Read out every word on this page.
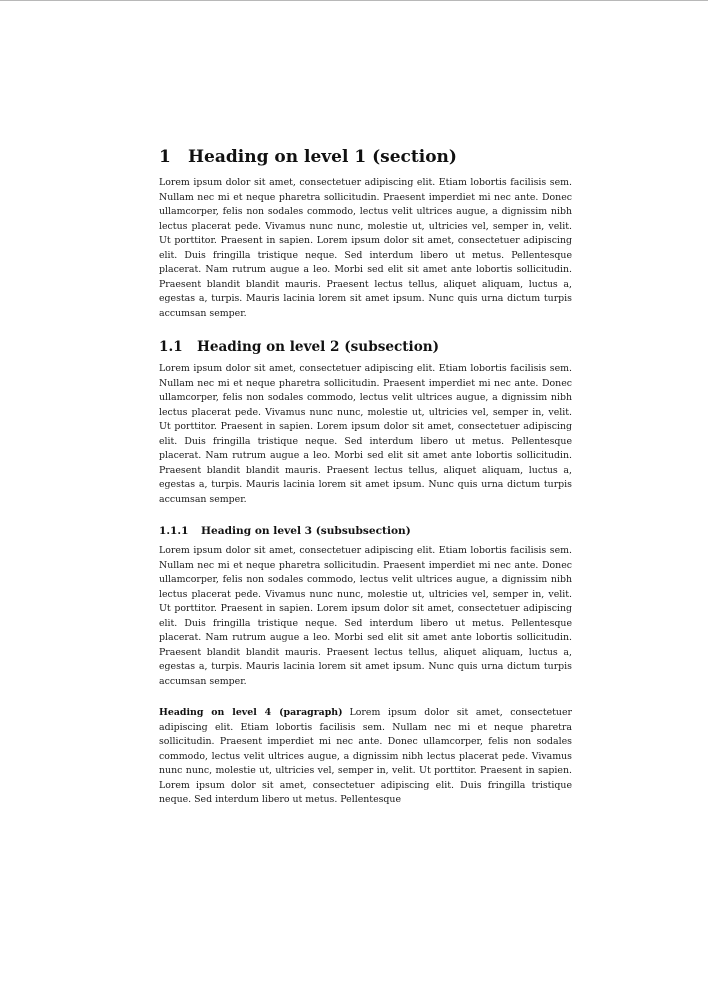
1 Heading on level 1 (section)

Lorem ipsum dolor sit amet, consectetuer adipiscing elit. Etiam lobortis facilisis sem. Nullam nec mi et neque pharetra sollicitudin. Praesent imperdiet mi nec ante. Donec ullamcorper, felis non sodales commodo, lectus velit ultrices augue, a dignissim nibh lectus placerat pede. Vivamus nunc nunc, molestie ut, ultricies vel, semper in, velit. Ut porttitor. Praesent in sapien. Lorem ipsum dolor sit amet, consectetuer adipiscing elit. Duis fringilla tristique neque. Sed interdum libero ut metus. Pellentesque placerat. Nam rutrum augue a leo. Morbi sed elit sit amet ante lobortis sollicitudin. Praesent blandit blandit mauris. Praesent lectus tellus, aliquet aliquam, luctus a, egestas a, turpis. Mauris lacinia lorem sit amet ipsum. Nunc quis urna dictum turpis accumsan semper.

1.1 Heading on level 2 (subsection)

Lorem ipsum dolor sit amet, consectetuer adipiscing elit. Etiam lobortis facilisis sem. Nullam nec mi et neque pharetra sollicitudin. Praesent imperdiet mi nec ante. Donec ullamcorper, felis non sodales commodo, lectus velit ultrices augue, a dignissim nibh lectus placerat pede. Vivamus nunc nunc, molestie ut, ultricies vel, semper in, velit. Ut porttitor. Praesent in sapien. Lorem ipsum dolor sit amet, consectetuer adipiscing elit. Duis fringilla tristique neque. Sed interdum libero ut metus. Pellentesque placerat. Nam rutrum augue a leo. Morbi sed elit sit amet ante lobortis sollicitudin. Praesent blandit blandit mauris. Praesent lectus tellus, aliquet aliquam, luctus a, egestas a, turpis. Mauris lacinia lorem sit amet ipsum. Nunc quis urna dictum turpis accumsan semper.

1.1.1 Heading on level 3 (subsubsection)

Lorem ipsum dolor sit amet, consectetuer adipiscing elit. Etiam lobortis facilisis sem. Nullam nec mi et neque pharetra sollicitudin. Praesent imperdiet mi nec ante. Donec ullamcorper, felis non sodales commodo, lectus velit ultrices augue, a dignissim nibh lectus placerat pede. Vivamus nunc nunc, molestie ut, ultricies vel, semper in, velit. Ut porttitor. Praesent in sapien. Lorem ipsum dolor sit amet, consectetuer adipiscing elit. Duis fringilla tristique neque. Sed interdum libero ut metus. Pellentesque placerat. Nam rutrum augue a leo. Morbi sed elit sit amet ante lobortis sollicitudin. Praesent blandit blandit mauris. Praesent lectus tellus, aliquet aliquam, luctus a, egestas a, turpis. Mauris lacinia lorem sit amet ipsum. Nunc quis urna dictum turpis accumsan semper.

Heading on level 4 (paragraph) Lorem ipsum dolor sit amet, consectetuer adipiscing elit. Etiam lobortis facilisis sem. Nullam nec mi et neque pharetra sollicitudin. Praesent imperdiet mi nec ante. Donec ullamcorper, felis non sodales commodo, lectus velit ultrices augue, a dignissim nibh lectus placerat pede. Vivamus nunc nunc, molestie ut, ultricies vel, semper in, velit. Ut porttitor. Praesent in sapien. Lorem ipsum dolor sit amet, consectetuer adipiscing elit. Duis fringilla tristique neque. Sed interdum libero ut metus. Pellentesque
